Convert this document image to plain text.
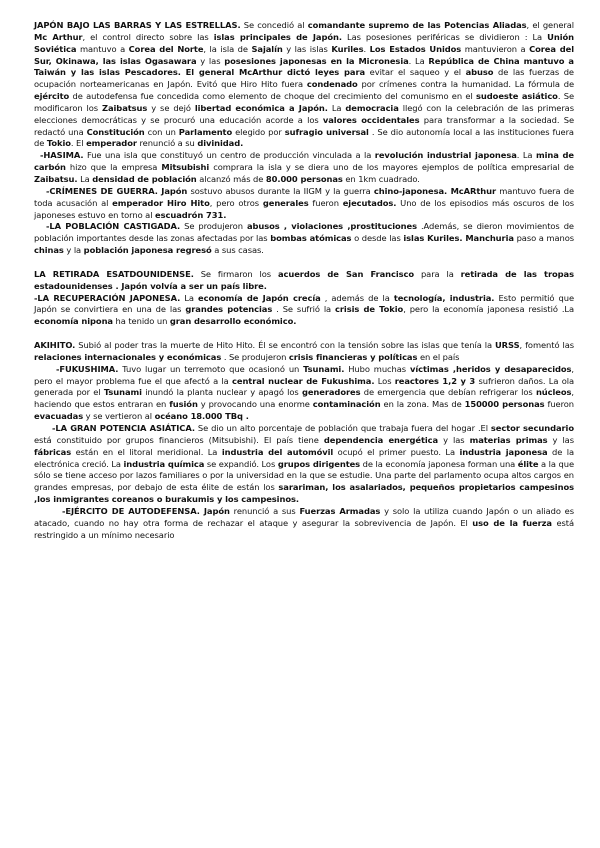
JAPÓN BAJO LAS BARRAS Y LAS ESTRELLAS. Se concedió al comandante supremo de las Potencias Aliadas, el general Mc Arthur, el control directo sobre las islas principales de Japón. Las posesiones periféricas se dividieron : La Unión Soviética mantuvo a Corea del Norte, la isla de Sajalín y las islas Kuriles. Los Estados Unidos mantuvieron a Corea del Sur, Okinawa, las islas Ogasawara y las posesiones japonesas en la Micronesia. La República de China mantuvo a Taiwán y las islas Pescadores. El general McArthur dictó leyes para evitar el saqueo y el abuso de las fuerzas de ocupación norteamericanas en Japón. Evitó que Hiro Hito fuera condenado por crímenes contra la humanidad. La fórmula de ejército de autodefensa fue concedida como elemento de choque del crecimiento del comunismo en el sudoeste asiático. Se modificaron los Zaibatsus y se dejó libertad económica a Japón. La democracia llegó con la celebración de las primeras elecciones democráticas y se procuró una educación acorde a los valores occidentales para transformar a la sociedad. Se redactó una Constitución con un Parlamento elegido por sufragio universal . Se dio autonomía local a las instituciones fuera de Tokio. El emperador renunció a su divinidad.

-HASIMA. Fue una isla que constituyó un centro de producción vinculada a la revolución industrial japonesa. La mina de carbón hizo que la empresa Mitsubishi comprara la isla y se diera uno de los mayores ejemplos de política empresarial de Zaibatsu. La densidad de población alcanzó más de 80.000 personas en 1km cuadrado.

-CRÍMENES DE GUERRA. Japón sostuvo abusos durante la IIGM y la guerra chino-japonesa. McARthur mantuvo fuera de toda acusación al emperador Hiro Hito, pero otros generales fueron ejecutados. Uno de los episodios más oscuros de los japoneses estuvo en torno al escuadrón 731.

-LA POBLACIÓN CASTIGADA. Se produjeron abusos , violaciones ,prostituciones .Además, se dieron movimientos de población importantes desde las zonas afectadas por las bombas atómicas o desde las islas Kuriles. Manchuria paso a manos chinas y la población japonesa regresó a sus casas.

LA RETIRADA ESATDOUNIDENSE. Se firmaron los acuerdos de San Francisco para la retirada de las tropas estadounidenses . Japón volvía a ser un país libre.

-LA RECUPERACIÓN JAPONESA. La economía de Japón crecía , además de la tecnología, industria. Esto permitió que Japón se convirtiera en una de las grandes potencias . Se sufrió la crisis de Tokio, pero la economía japonesa resistió .La economía nipona ha tenido un gran desarrollo económico.

AKIHITO. Subió al poder tras la muerte de Hito Hito. Él se encontró con la tensión sobre las islas que tenía la URSS, fomentó las relaciones internacionales y económicas . Se produjeron crisis financieras y políticas en el país

-FUKUSHIMA. Tuvo lugar un terremoto que ocasionó un Tsunami. Hubo muchas víctimas ,heridos y desaparecidos, pero el mayor problema fue el que afectó a la central nuclear de Fukushima. Los reactores 1,2 y 3 sufrieron daños. La ola generada por el Tsunami inundó la planta nuclear y apagó los generadores de emergencia que debían refrigerar los núcleos, haciendo que estos entraran en fusión y provocando una enorme contaminación en la zona. Mas de 150000 personas fueron evacuadas y se vertieron al océano 18.000 TBq .

-LA GRAN POTENCIA ASIÁTICA. Se dio un alto porcentaje de población que trabaja fuera del hogar .El sector secundario está constituido por grupos financieros (Mitsubishi). El país tiene dependencia energética y las materias primas y las fábricas están en el litoral meridional. La industria del automóvil ocupó el primer puesto. La industria japonesa de la electrónica creció. La industria química se expandió. Los grupos dirigentes de la economía japonesa forman una élite a la que sólo se tiene acceso por lazos familiares o por la universidad en la que se estudie. Una parte del parlamento ocupa altos cargos en grandes empresas, por debajo de esta élite de están los sarariman, los asalariados, pequeños propietarios campesinos ,los inmigrantes coreanos o burakumis y los campesinos.

-EJÉRCITO DE AUTODEFENSA. Japón renunció a sus Fuerzas Armadas y solo la utiliza cuando Japón o un aliado es atacado, cuando no hay otra forma de rechazar el ataque y asegurar la sobrevivencia de Japón. El uso de la fuerza está restringido a un mínimo necesario
